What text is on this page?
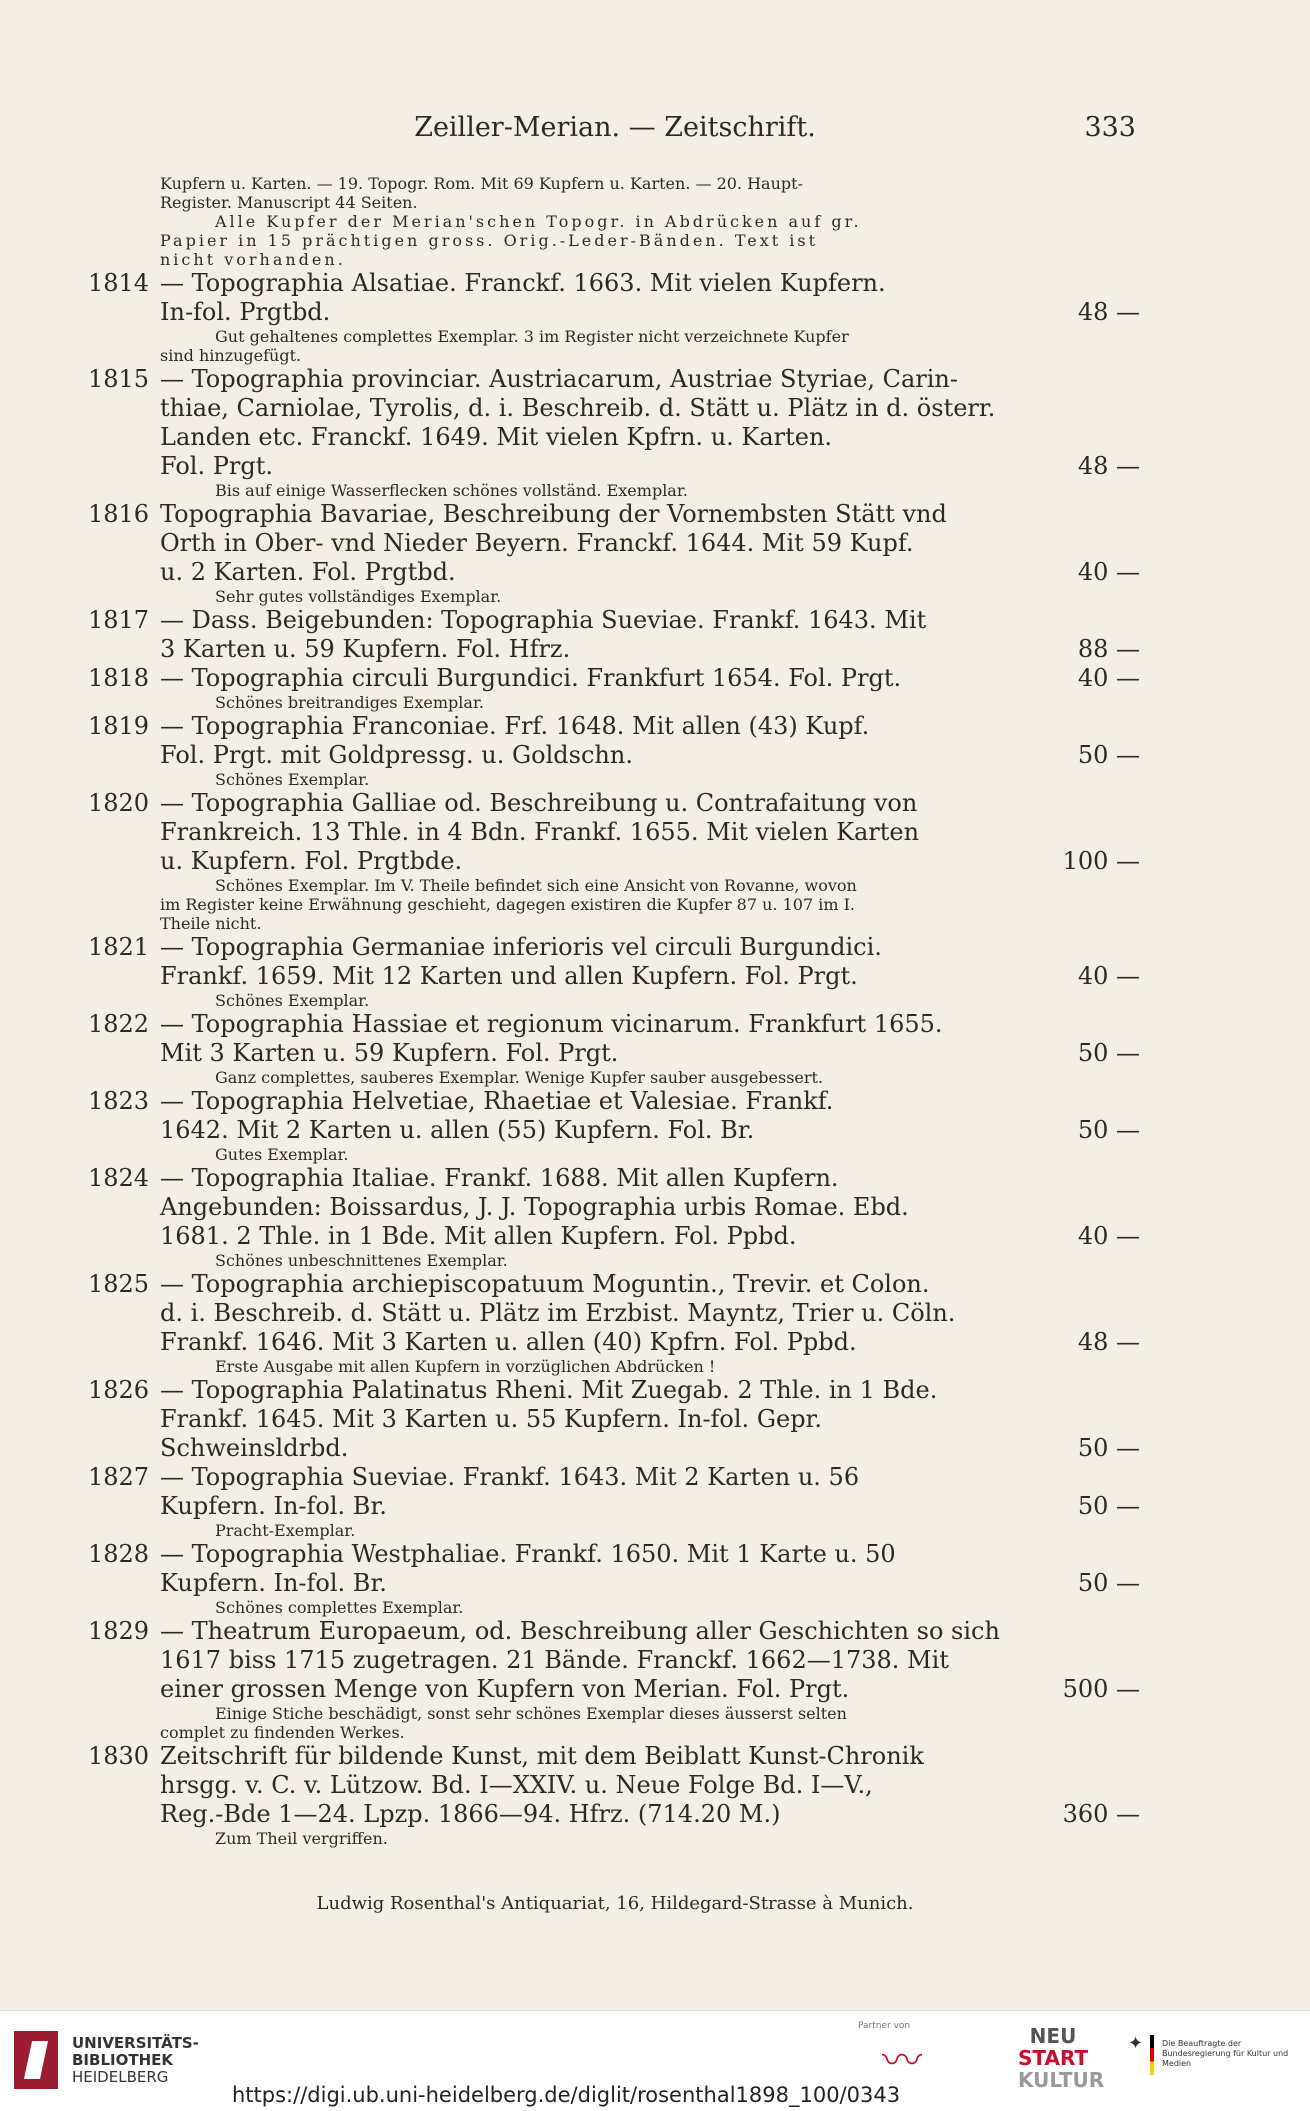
Zeiller-Merian. — Zeitschrift.	333
Kupfern u. Karten. — 19. Topogr. Rom. Mit 69 Kupfern u. Karten. — 20. Haupt-
Register. Manuscript 44 Seiten.
Alle Kupfer der Merian'schen Topogr. in Abdrücken auf gr.
Papier in 15 prächtigen gross. Orig.-Leder-Bänden. Text ist
nicht vorhanden.
1814 — Topographia Alsatiae. Franckf. 1663. Mit vielen Kupfern.
In-fol. Prgtbd.	48 —
Gut gehaltenes complettes Exemplar. 3 im Register nicht verzeichnete Kupfer
sind hinzugefügt.
1815 — Topographia provinciar. Austriacarum, Austriae Styriae, Carin-
thiae, Carniolae, Tyrolis, d. i. Beschreib. d. Stätt u. Plätz in d. österr.
Landen etc. Franckf. 1649. Mit vielen Kpfrn. u. Karten.
Fol. Prgt.	48 —
Bis auf einige Wasserflecken schönes vollständ. Exemplar.
1816 Topographia Bavariae, Beschreibung der Vornembsten Stätt vnd
Orth in Ober- vnd Nieder Beyern. Franckf. 1644. Mit 59 Kupf.
u. 2 Karten. Fol. Prgtbd.	40 —
Sehr gutes vollständiges Exemplar.
1817 — Dass. Beigebunden: Topographia Sueviae. Frankf. 1643. Mit
3 Karten u. 59 Kupfern. Fol. Hfrz.	88 —
1818 — Topographia circuli Burgundici. Frankfurt 1654. Fol. Prgt.	40 —
Schönes breitrandiges Exemplar.
1819 — Topographia Franconiae. Frf. 1648. Mit allen (43) Kupf.
Fol. Prgt. mit Goldpressg. u. Goldschn.	50 —
Schönes Exemplar.
1820 — Topographia Galliae od. Beschreibung u. Contrafaitung von
Frankreich. 13 Thle. in 4 Bdn. Frankf. 1655. Mit vielen Karten
u. Kupfern. Fol. Prgtbde.	100 —
Schönes Exemplar. Im V. Theile befindet sich eine Ansicht von Rovanne, wovon
im Register keine Erwähnung geschieht, dagegen existiren die Kupfer 87 u. 107 im I.
Theile nicht.
1821 — Topographia Germaniae inferioris vel circuli Burgundici.
Frankf. 1659. Mit 12 Karten und allen Kupfern. Fol. Prgt.	40 —
Schönes Exemplar.
1822 — Topographia Hassiae et regionum vicinarum. Frankfurt 1655.
Mit 3 Karten u. 59 Kupfern. Fol. Prgt.	50 —
Ganz complettes, sauberes Exemplar. Wenige Kupfer sauber ausgebessert.
1823 — Topographia Helvetiae, Rhaetiae et Valesiae. Frankf.
1642. Mit 2 Karten u. allen (55) Kupfern. Fol. Br.	50 —
Gutes Exemplar.
1824 — Topographia Italiae. Frankf. 1688. Mit allen Kupfern.
Angebunden: Boissardus, J. J. Topographia urbis Romae. Ebd.
1681. 2 Thle. in 1 Bde. Mit allen Kupfern. Fol. Ppbd.	40 —
Schönes unbeschnittenes Exemplar.
1825 — Topographia archiepiscopatuum Moguntin., Trevir. et Colon.
d. i. Beschreib. d. Stätt u. Plätz im Erzbist. Mayntz, Trier u. Cöln.
Frankf. 1646. Mit 3 Karten u. allen (40) Kpfrn. Fol. Ppbd.	48 —
Erste Ausgabe mit allen Kupfern in vorzüglichen Abdrücken !
1826 — Topographia Palatinatus Rheni. Mit Zuegab. 2 Thle. in 1 Bde.
Frankf. 1645. Mit 3 Karten u. 55 Kupfern. In-fol. Gepr.
Schweinsldrbd.	50 —
1827 — Topographia Sueviae. Frankf. 1643. Mit 2 Karten u. 56
Kupfern. In-fol. Br.	50 —
Pracht-Exemplar.
1828 — Topographia Westphaliae. Frankf. 1650. Mit 1 Karte u. 50
Kupfern. In-fol. Br.	50 —
Schönes complettes Exemplar.
1829 — Theatrum Europaeum, od. Beschreibung aller Geschichten so sich
1617 biss 1715 zugetragen. 21 Bände. Franckf. 1662—1738. Mit
einer grossen Menge von Kupfern von Merian. Fol. Prgt.	500 —
Einige Stiche beschädigt, sonst sehr schönes Exemplar dieses äusserst selten
complet zu findenden Werkes.
1830 Zeitschrift für bildende Kunst, mit dem Beiblatt Kunst-Chronik
hrsgg. v. C. v. Lützow. Bd. I—XXIV. u. Neue Folge Bd. I—V.,
Reg.-Bde 1—24. Lpzp. 1866—94. Hfrz. (714.20 M.)	360 —
Zum Theil vergriffen.
Ludwig Rosenthal's Antiquariat, 16, Hildegard-Strasse à Munich.
UNIVERSITÄTS-
BIBLIOTHEK
HEIDELBERG
https://digi.ub.uni-heidelberg.de/diglit/rosenthal1898_100/0343
Partner von
〰
NEU
START
KULTUR
✦	Die Beauftragte der Bundesregierung für Kultur und Medien
